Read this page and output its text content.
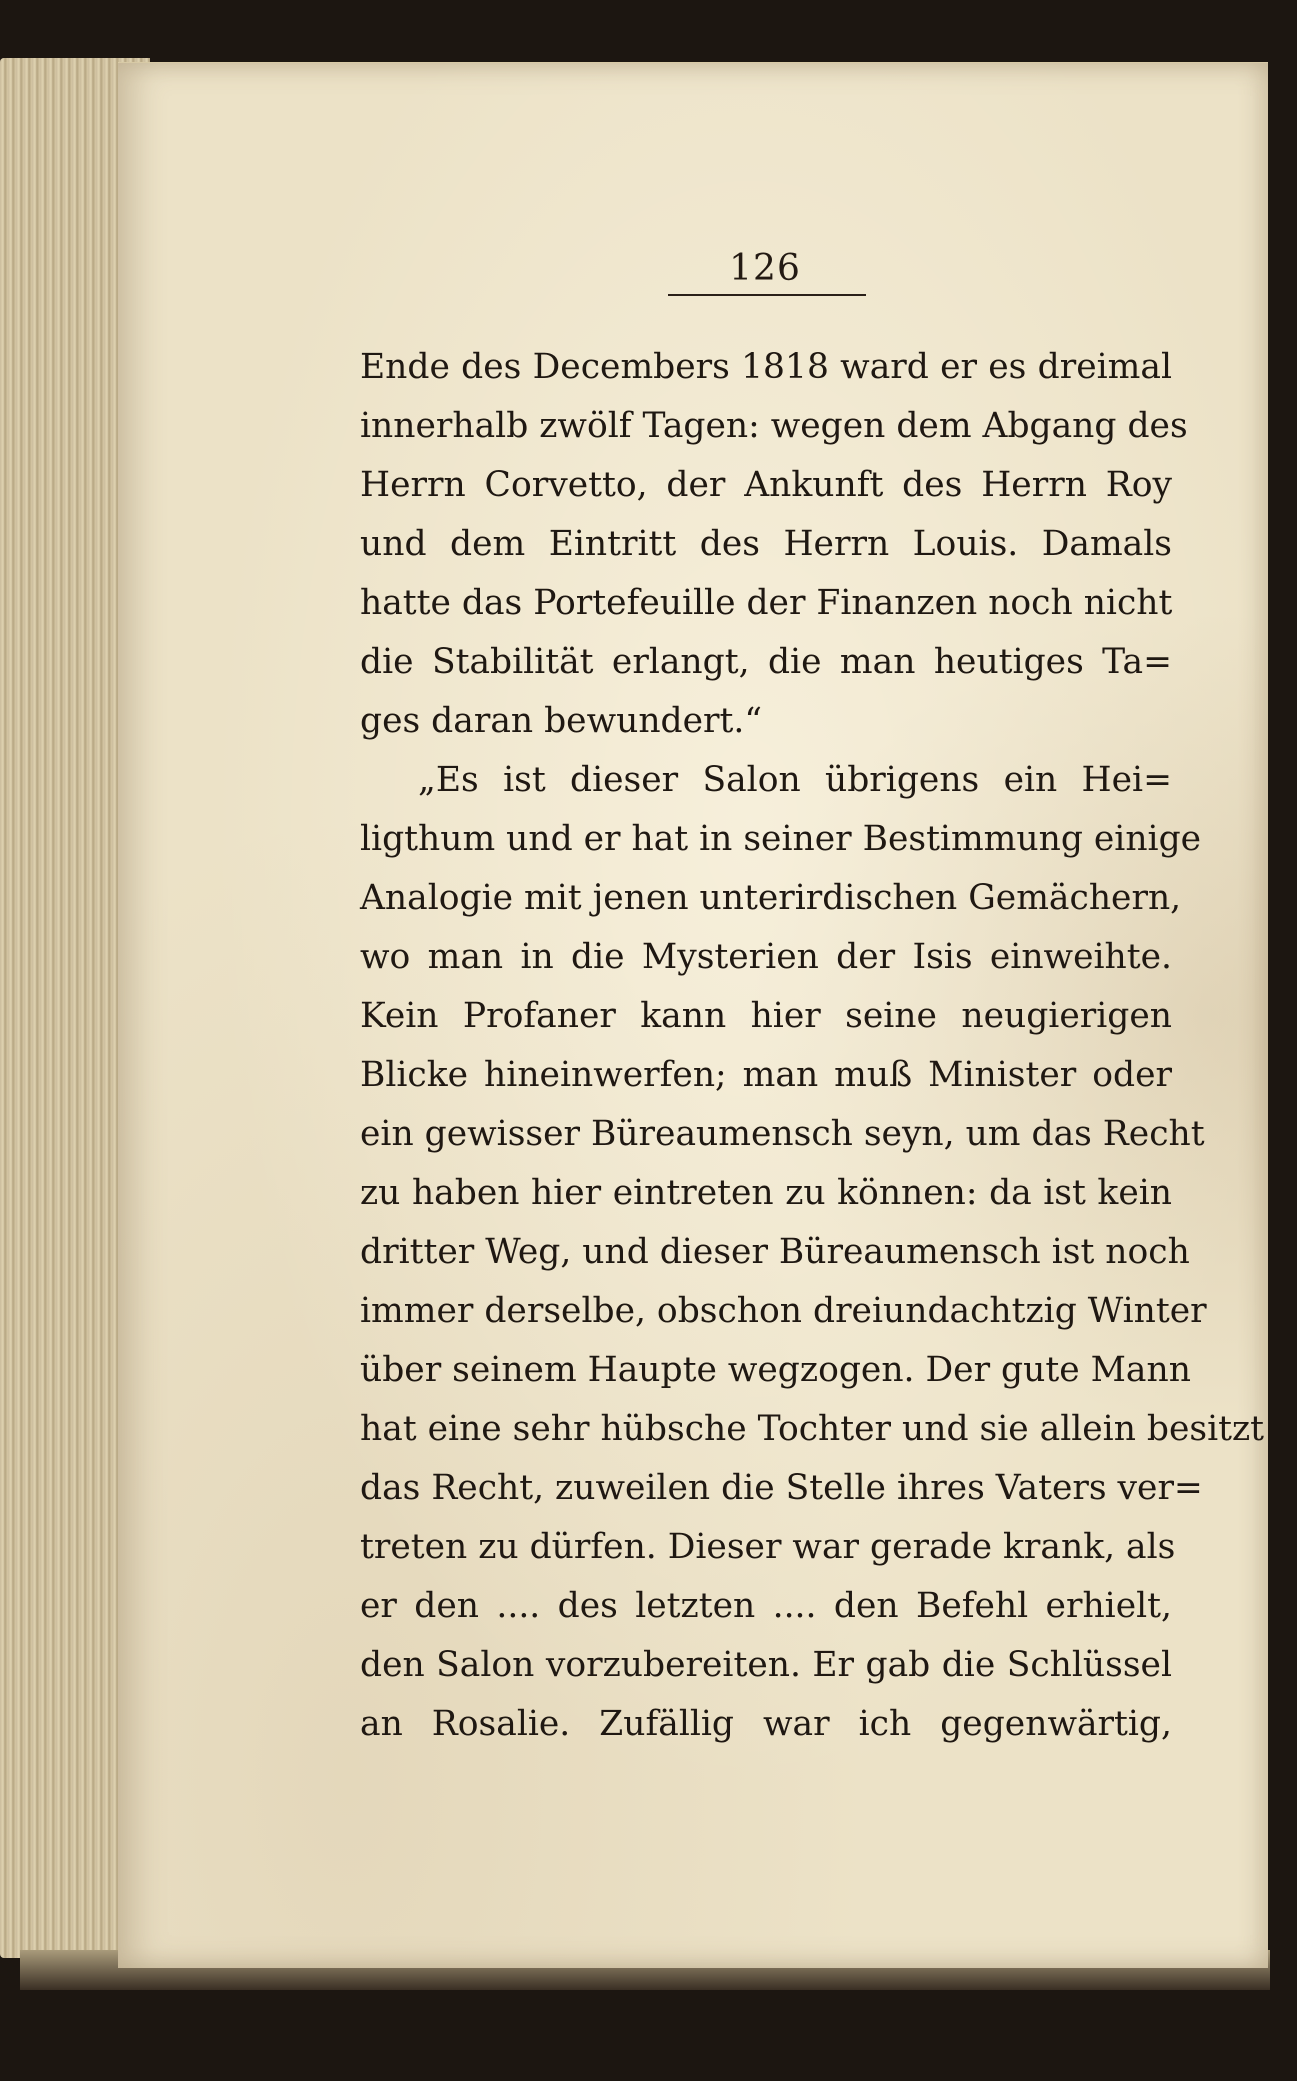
126
Ende des Decembers 1818 ward er es dreimal
innerhalb zwölf Tagen: wegen dem Abgang des
Herrn Corvetto, der Ankunft des Herrn Roy
und dem Eintritt des Herrn Louis. Damals
hatte das Portefeuille der Finanzen noch nicht
die Stabilität erlangt, die man heutiges Ta=
ges daran bewundert.“
„Es ist dieser Salon übrigens ein Hei=
ligthum und er hat in seiner Bestimmung einige
Analogie mit jenen unterirdischen Gemächern,
wo man in die Mysterien der Isis einweihte.
Kein Profaner kann hier seine neugierigen
Blicke hineinwerfen; man muß Minister oder
ein gewisser Büreaumensch seyn, um das Recht
zu haben hier eintreten zu können: da ist kein
dritter Weg, und dieser Büreaumensch ist noch
immer derselbe, obschon dreiundachtzig Winter
über seinem Haupte wegzogen. Der gute Mann
hat eine sehr hübsche Tochter und sie allein besitzt
das Recht, zuweilen die Stelle ihres Vaters ver=
treten zu dürfen. Dieser war gerade krank, als
er den .... des letzten .... den Befehl erhielt,
den Salon vorzubereiten. Er gab die Schlüssel
an Rosalie. Zufällig war ich gegenwärtig,
